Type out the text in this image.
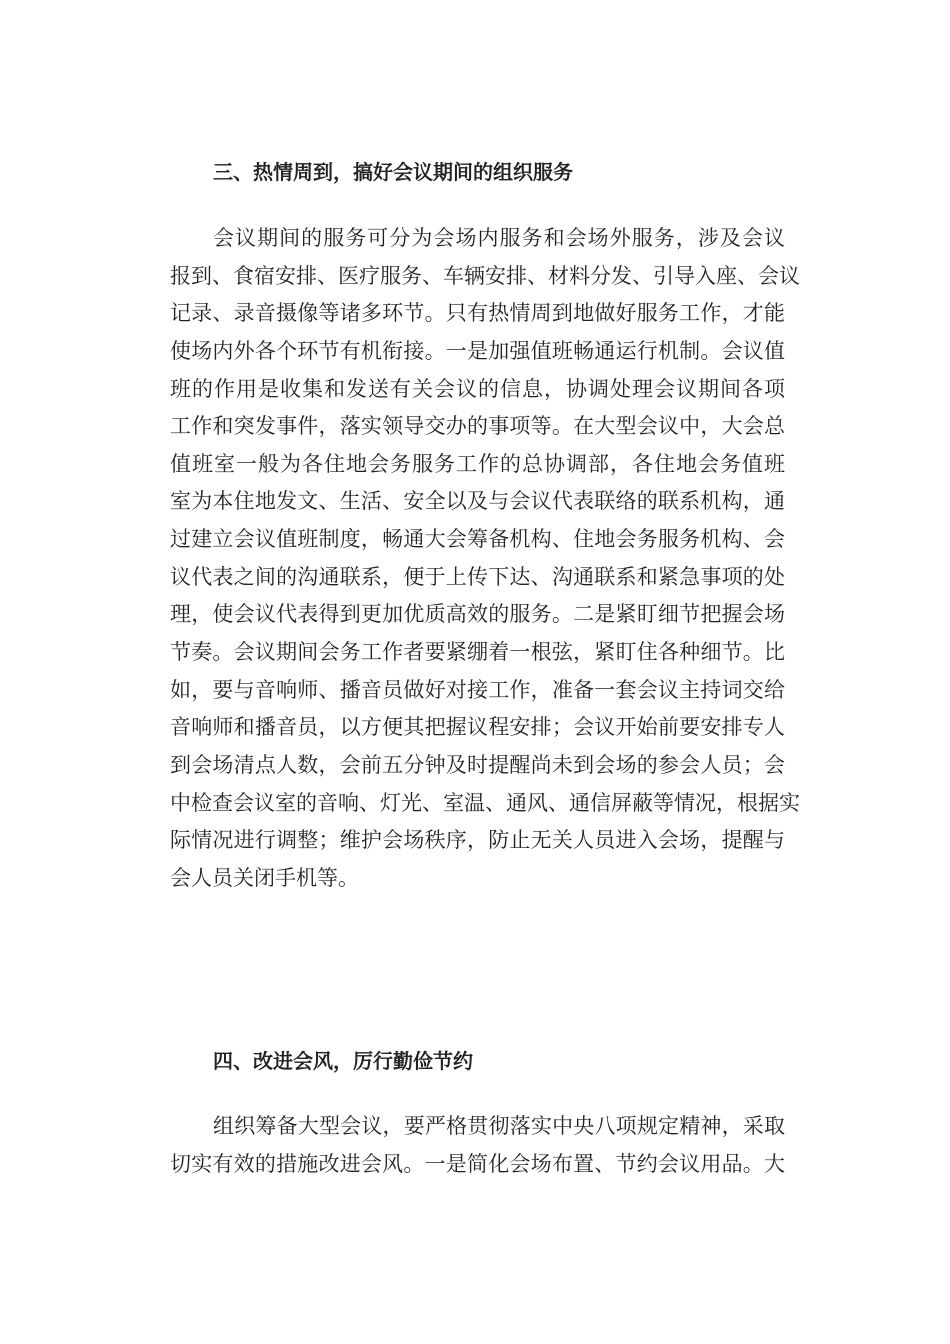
三、热情周到，搞好会议期间的组织服务
会议期间的服务可分为会场内服务和会场外服务，涉及会议
报到、食宿安排、医疗服务、车辆安排、材料分发、引导入座、会议
记录、录音摄像等诸多环节。只有热情周到地做好服务工作，才能
使场内外各个环节有机衔接。一是加强值班畅通运行机制。会议值
班的作用是收集和发送有关会议的信息，协调处理会议期间各项
工作和突发事件，落实领导交办的事项等。在大型会议中，大会总
值班室一般为各住地会务服务工作的总协调部，各住地会务值班
室为本住地发文、生活、安全以及与会议代表联络的联系机构，通
过建立会议值班制度，畅通大会筹备机构、住地会务服务机构、会
议代表之间的沟通联系，便于上传下达、沟通联系和紧急事项的处
理，使会议代表得到更加优质高效的服务。二是紧盯细节把握会场
节奏。会议期间会务工作者要紧绷着一根弦，紧盯住各种细节。比
如，要与音响师、播音员做好对接工作，准备一套会议主持词交给
音响师和播音员，以方便其把握议程安排；会议开始前要安排专人
到会场清点人数，会前五分钟及时提醒尚未到会场的参会人员；会
中检查会议室的音响、灯光、室温、通风、通信屏蔽等情况，根据实
际情况进行调整；维护会场秩序，防止无关人员进入会场，提醒与
会人员关闭手机等。
四、改进会风，厉行勤俭节约
组织筹备大型会议，要严格贯彻落实中央八项规定精神，采取
切实有效的措施改进会风。一是简化会场布置、节约会议用品。大
